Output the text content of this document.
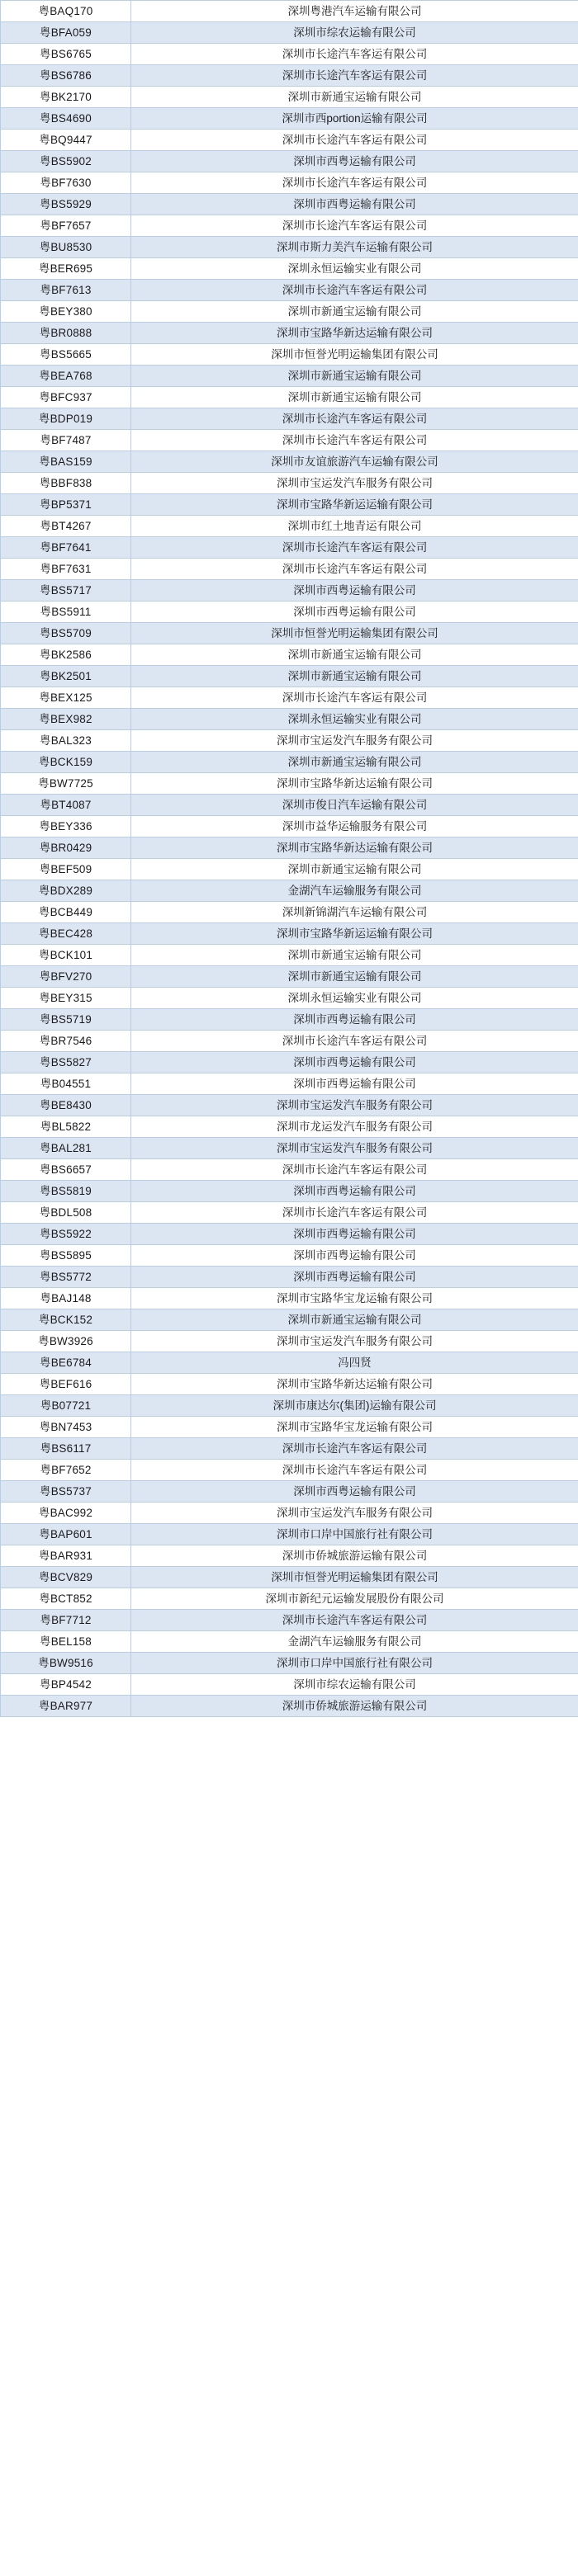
粤BAQ170	深圳粤港汽车运输有限公司
粤BFA059	深圳市综农运输有限公司
粤BS6765	深圳市长途汽车客运有限公司
粤BS6786	深圳市长途汽车客运有限公司
粤BK2170	深圳市新通宝运输有限公司
粤BS4690	深圳市西portion运输有限公司
粤BQ9447	深圳市长途汽车客运有限公司
粤BS5902	深圳市西粤运输有限公司
粤BF7630	深圳市长途汽车客运有限公司
粤BS5929	深圳市西粤运输有限公司
粤BF7657	深圳市长途汽车客运有限公司
粤BU8530	深圳市斯力美汽车运输有限公司
粤BER695	深圳永恒运输实业有限公司
粤BF7613	深圳市长途汽车客运有限公司
粤BEY380	深圳市新通宝运输有限公司
粤BR0888	深圳市宝路华新达运输有限公司
粤BS5665	深圳市恒誉光明运输集团有限公司
粤BEA768	深圳市新通宝运输有限公司
粤BFC937	深圳市新通宝运输有限公司
粤BDP019	深圳市长途汽车客运有限公司
粤BF7487	深圳市长途汽车客运有限公司
粤BAS159	深圳市友谊旅游汽车运输有限公司
粤BBF838	深圳市宝运发汽车服务有限公司
粤BP5371	深圳市宝路华新运运输有限公司
粤BT4267	深圳市红土地青运有限公司
粤BF7641	深圳市长途汽车客运有限公司
粤BF7631	深圳市长途汽车客运有限公司
粤BS5717	深圳市西粤运输有限公司
粤BS5911	深圳市西粤运输有限公司
粤BS5709	深圳市恒誉光明运输集团有限公司
粤BK2586	深圳市新通宝运输有限公司
粤BK2501	深圳市新通宝运输有限公司
粤BEX125	深圳市长途汽车客运有限公司
粤BEX982	深圳永恒运输实业有限公司
粤BAL323	深圳市宝运发汽车服务有限公司
粤BCK159	深圳市新通宝运输有限公司
粤BW7725	深圳市宝路华新达运输有限公司
粤BT4087	深圳市俊日汽车运输有限公司
粤BEY336	深圳市益华运输服务有限公司
粤BR0429	深圳市宝路华新达运输有限公司
粤BEF509	深圳市新通宝运输有限公司
粤BDX289	金湖汽车运输服务有限公司
粤BCB449	深圳新锦湖汽车运输有限公司
粤BEC428	深圳市宝路华新运运输有限公司
粤BCK101	深圳市新通宝运输有限公司
粤BFV270	深圳市新通宝运输有限公司
粤BEY315	深圳永恒运输实业有限公司
粤BS5719	深圳市西粤运输有限公司
粤BR7546	深圳市长途汽车客运有限公司
粤BS5827	深圳市西粤运输有限公司
粤B04551	深圳市西粤运输有限公司
粤BE8430	深圳市宝运发汽车服务有限公司
粤BL5822	深圳市龙运发汽车服务有限公司
粤BAL281	深圳市宝运发汽车服务有限公司
粤BS6657	深圳市长途汽车客运有限公司
粤BS5819	深圳市西粤运输有限公司
粤BDL508	深圳市长途汽车客运有限公司
粤BS5922	深圳市西粤运输有限公司
粤BS5895	深圳市西粤运输有限公司
粤BS5772	深圳市西粤运输有限公司
粤BAJ148	深圳市宝路华宝龙运输有限公司
粤BCK152	深圳市新通宝运输有限公司
粤BW3926	深圳市宝运发汽车服务有限公司
粤BE6784	冯四贤
粤BEF616	深圳市宝路华新达运输有限公司
粤B07721	深圳市康达尔(集团)运输有限公司
粤BN7453	深圳市宝路华宝龙运输有限公司
粤BS6117	深圳市长途汽车客运有限公司
粤BF7652	深圳市长途汽车客运有限公司
粤BS5737	深圳市西粤运输有限公司
粤BAC992	深圳市宝运发汽车服务有限公司
粤BAP601	深圳市口岸中国旅行社有限公司
粤BAR931	深圳市侨城旅游运输有限公司
粤BCV829	深圳市恒誉光明运输集团有限公司
粤BCT852	深圳市新纪元运输发展股份有限公司
粤BF7712	深圳市长途汽车客运有限公司
粤BEL158	金湖汽车运输服务有限公司
粤BW9516	深圳市口岸中国旅行社有限公司
粤BP4542	深圳市综农运输有限公司
粤BAR977	深圳市侨城旅游运输有限公司
